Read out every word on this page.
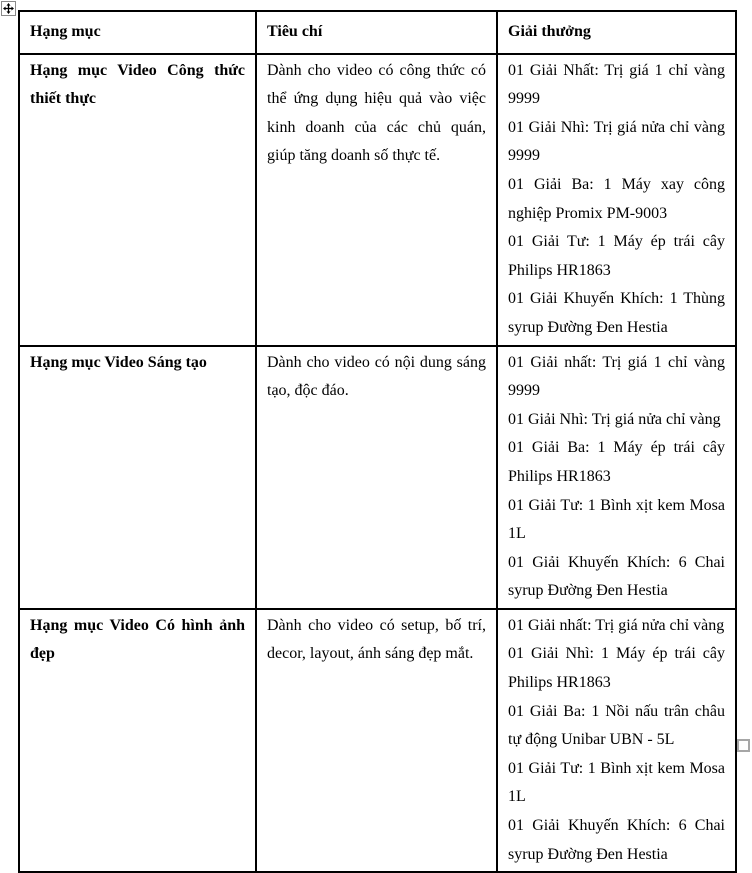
Hạng mục	Tiêu chí	Giải thưởng

Hạng mục Video Công thức thiết thực	Dành cho video có công thức có thể ứng dụng hiệu quả vào việc kinh doanh của các chủ quán, giúp tăng doanh số thực tế.	01 Giải Nhất: Trị giá 1 chỉ vàng 9999

01 Giải Nhì: Trị giá nửa chỉ vàng 9999

01 Giải Ba: 1 Máy xay công nghiệp Promix PM-9003

01 Giải Tư: 1 Máy ép trái cây Philips HR1863

01 Giải Khuyến Khích: 1 Thùng syrup Đường Đen Hestia

Hạng mục Video Sáng tạo	Dành cho video có nội dung sáng tạo, độc đáo.	01 Giải nhất: Trị giá 1 chỉ vàng 9999

01 Giải Nhì: Trị giá nửa chỉ vàng

01 Giải Ba: 1 Máy ép trái cây Philips HR1863

01 Giải Tư: 1 Bình xịt kem Mosa 1L

01 Giải Khuyến Khích: 6 Chai syrup Đường Đen Hestia

Hạng mục Video Có hình ảnh đẹp	Dành cho video có setup, bố trí, decor, layout, ánh sáng đẹp mắt.	01 Giải nhất: Trị giá nửa chỉ vàng

01 Giải Nhì: 1 Máy ép trái cây Philips HR1863

01 Giải Ba: 1 Nồi nấu trân châu tự động Unibar UBN - 5L

01 Giải Tư: 1 Bình xịt kem Mosa 1L

01 Giải Khuyến Khích: 6 Chai syrup Đường Đen Hestia
